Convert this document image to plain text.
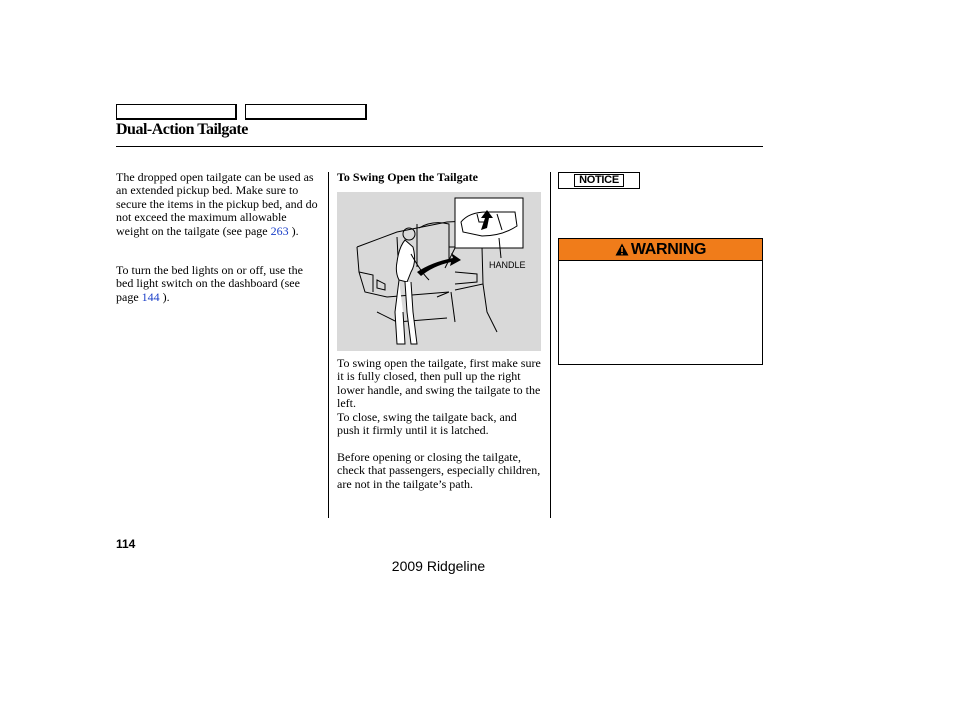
Dual-Action Tailgate

The dropped open tailgate can be used as an extended pickup bed. Make sure to secure the items in the pickup bed, and do not exceed the maximum allowable weight on the tailgate (see page 263 ).

To turn the bed lights on or off, use the bed light switch on the dashboard (see page 144 ).

To Swing Open the Tailgate

HANDLE
To swing open the tailgate, first make sure it is fully closed, then pull up the right lower handle, and swing the tailgate to the left.
To close, swing the tailgate back, and push it firmly until it is latched.

Before opening or closing the tailgate, check that passengers, especially children, are not in the tailgate’s path.

NOTICE
WARNING
114
2009 Ridgeline
